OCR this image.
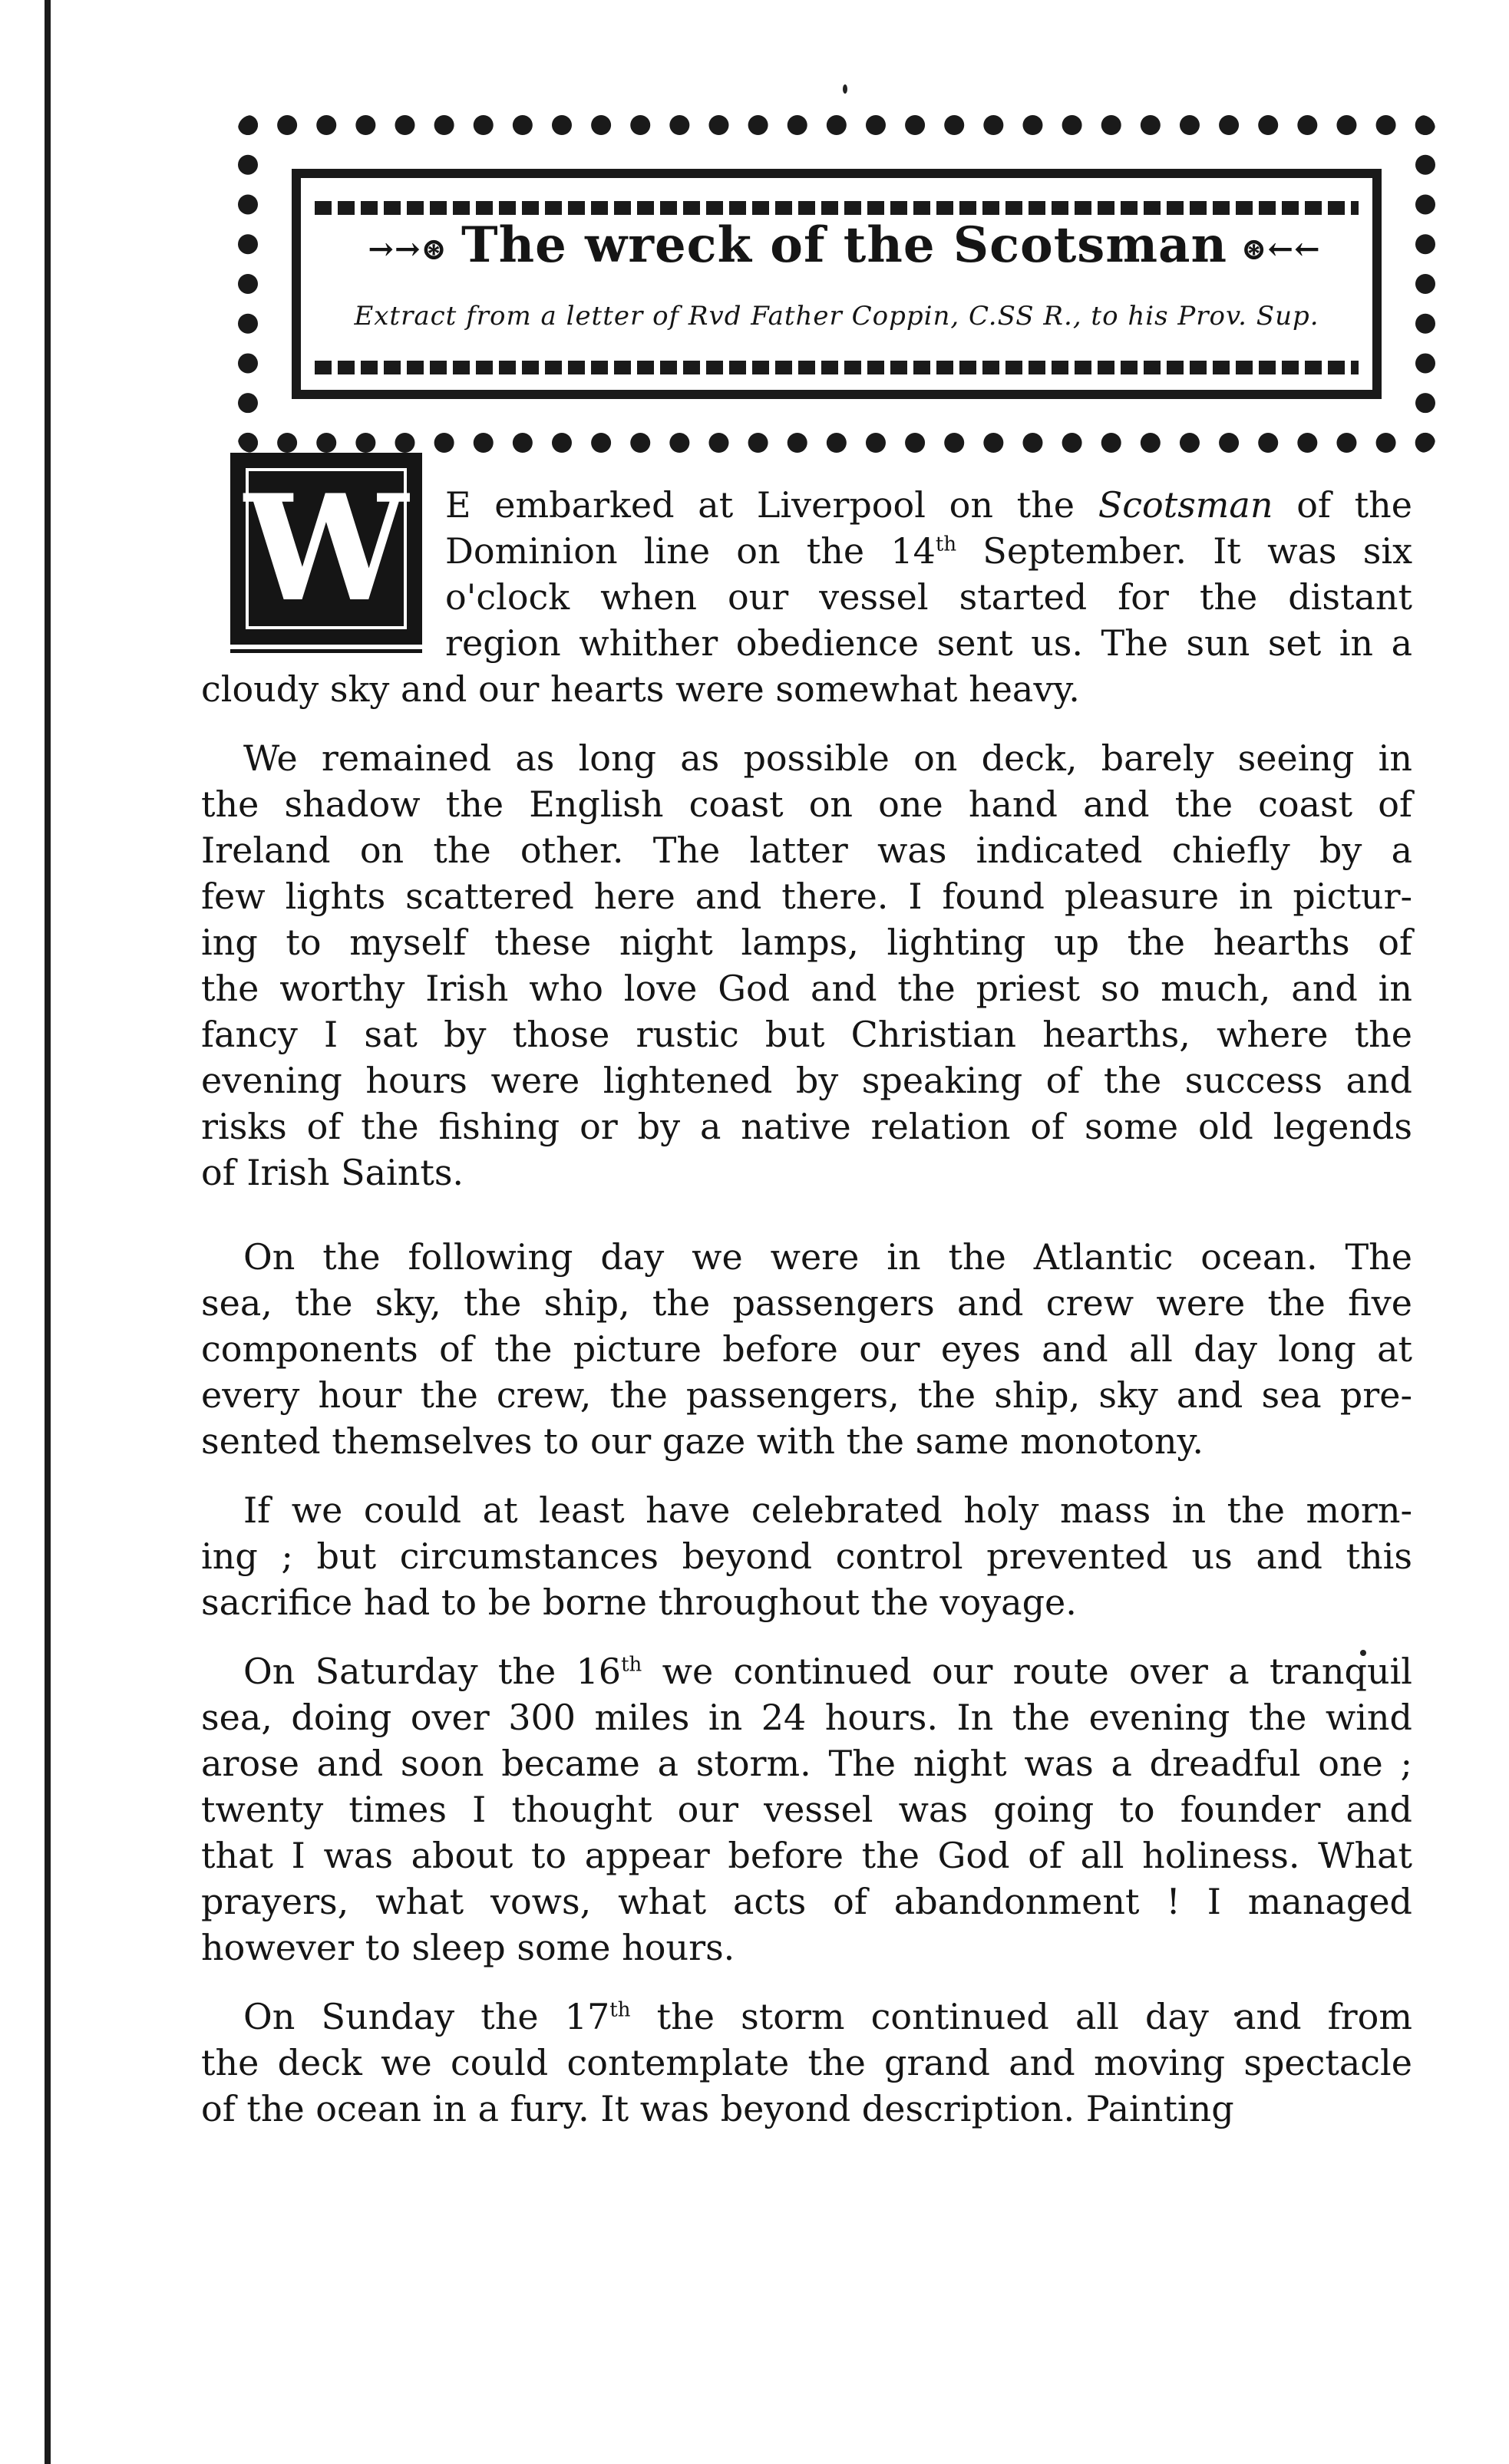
→→⊛ The wreck of the Scotsman ⊛←←
Extract from a letter of Rvd Father Coppin, C.SS R., to his Prov. Sup.
W E embarked at Liverpool on the Scotsman of the
Dominion line on the 14th September. It was six
o'clock when our vessel started for the distant
region whither obedience sent us. The sun set in a
cloudy sky and our hearts were somewhat heavy.
We remained as long as possible on deck, barely seeing in
the shadow the English coast on one hand and the coast of
Ireland on the other. The latter was indicated chiefly by a
few lights scattered here and there. I found pleasure in pictur-
ing to myself these night lamps, lighting up the hearths of
the worthy Irish who love God and the priest so much, and in
fancy I sat by those rustic but Christian hearths, where the
evening hours were lightened by speaking of the success and
risks of the fishing or by a native relation of some old legends
of Irish Saints.
On the following day we were in the Atlantic ocean. The
sea, the sky, the ship, the passengers and crew were the five
components of the picture before our eyes and all day long at
every hour the crew, the passengers, the ship, sky and sea pre-
sented themselves to our gaze with the same monotony.
If we could at least have celebrated holy mass in the morn-
ing ; but circumstances beyond control prevented us and this
sacrifice had to be borne throughout the voyage.
On Saturday the 16th we continued our route over a tranquil
sea, doing over 300 miles in 24 hours. In the evening the wind
arose and soon became a storm. The night was a dreadful one ;
twenty times I thought our vessel was going to founder and
that I was about to appear before the God of all holiness. What
prayers, what vows, what acts of abandonment ! I managed
however to sleep some hours.
On Sunday the 17th the storm continued all day and from
the deck we could contemplate the grand and moving spectacle
of the ocean in a fury. It was beyond description. Painting
